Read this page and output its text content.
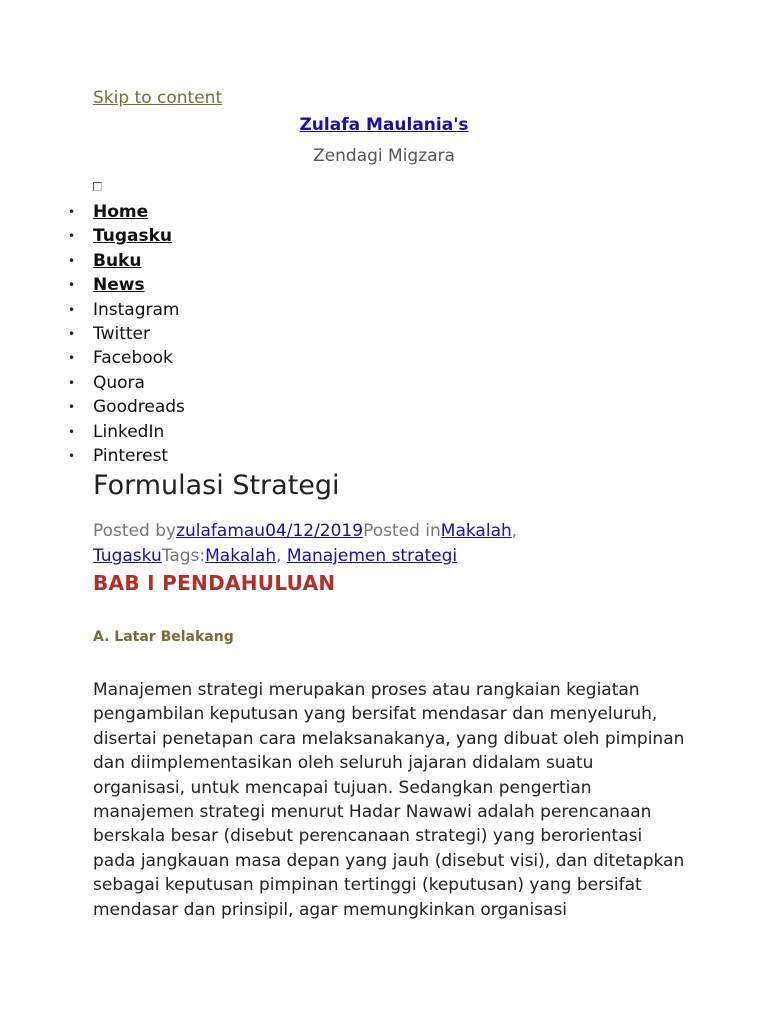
Skip to content
Zulafa Maulania's
Zendagi Migzara
• Home
• Tugasku
• Buku
• News
• Instagram
• Twitter
• Facebook
• Quora
• Goodreads
• LinkedIn
• Pinterest
Formulasi Strategi
Posted byzulafamau04/12/2019Posted inMakalah, TugaskuTags:Makalah, Manajemen strategi
BAB I PENDAHULUAN
A. Latar Belakang

Manajemen strategi merupakan proses atau rangkaian kegiatan pengambilan keputusan yang bersifat mendasar dan menyeluruh, disertai penetapan cara melaksanakanya, yang dibuat oleh pimpinan dan diimplementasikan oleh seluruh jajaran didalam suatu organisasi, untuk mencapai tujuan. Sedangkan pengertian manajemen strategi menurut Hadar Nawawi adalah perencanaan berskala besar (disebut perencanaan strategi) yang berorientasi pada jangkauan masa depan yang jauh (disebut visi), dan ditetapkan sebagai keputusan pimpinan tertinggi (keputusan) yang bersifat mendasar dan prinsipil, agar memungkinkan organisasi
